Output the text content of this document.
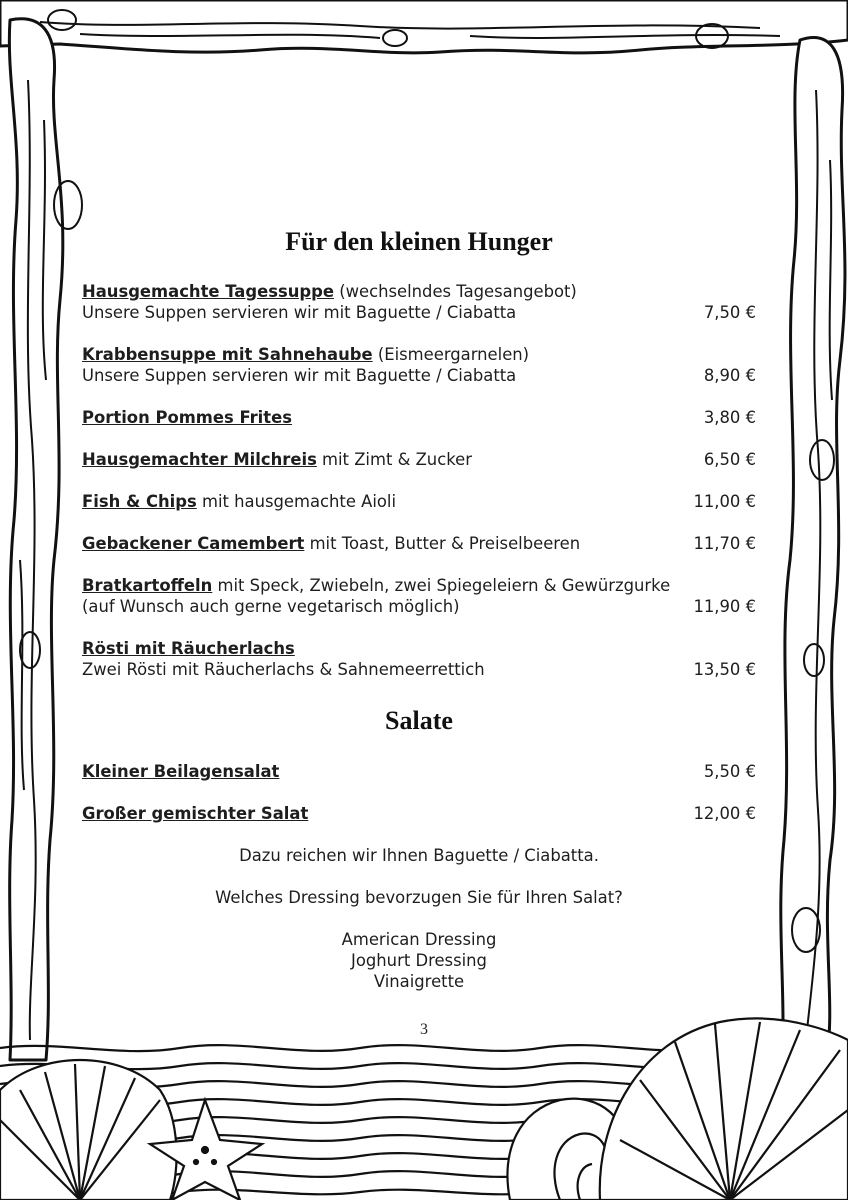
Für den kleinen Hunger
Hausgemachte Tagessuppe (wechselndes Tagesangebot)
Unsere Suppen servieren wir mit Baguette / Ciabatta	7,50 €
Krabbensuppe mit Sahnehaube (Eismeergarnelen)
Unsere Suppen servieren wir mit Baguette / Ciabatta	8,90 €
Portion Pommes Frites	3,80 €
Hausgemachter Milchreis mit Zimt & Zucker	6,50 €
Fish & Chips mit hausgemachte Aioli	11,00 €
Gebackener Camembert mit Toast, Butter & Preiselbeeren	11,70 €
Bratkartoffeln mit Speck, Zwiebeln, zwei Spiegeleiern & Gewürzgurke
(auf Wunsch auch gerne vegetarisch möglich)	11,90 €
Rösti mit Räucherlachs
Zwei Rösti mit Räucherlachs & Sahnemeerrettich	13,50 €
Salate
Kleiner Beilagensalat	5,50 €
Großer gemischter Salat	12,00 €
Dazu reichen wir Ihnen Baguette / Ciabatta.
Welches Dressing bevorzugen Sie für Ihren Salat?
American Dressing
Joghurt Dressing
Vinaigrette
3
